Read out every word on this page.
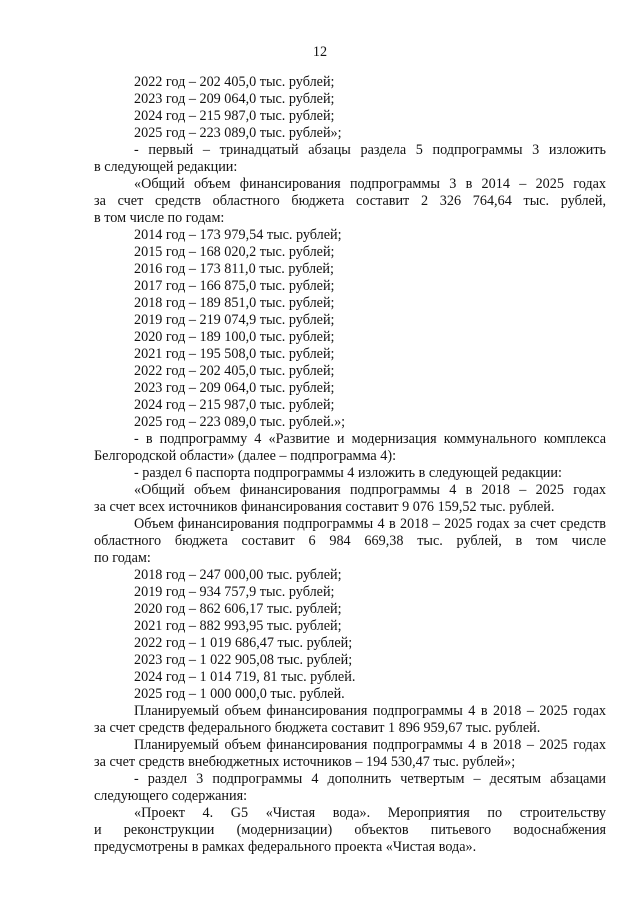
12
2022 год – 202 405,0 тыс. рублей;
2023 год – 209 064,0 тыс. рублей;
2024 год – 215 987,0 тыс. рублей;
2025 год – 223 089,0 тыс. рублей»;
- первый – тринадцатый абзацы раздела 5 подпрограммы 3 изложить
в следующей редакции:
«Общий объем финансирования подпрограммы 3 в 2014 – 2025 годах
за счет средств областного бюджета составит 2 326 764,64 тыс. рублей,
в том числе по годам:
2014 год – 173 979,54 тыс. рублей;
2015 год – 168 020,2 тыс. рублей;
2016 год – 173 811,0 тыс. рублей;
2017 год – 166 875,0 тыс. рублей;
2018 год – 189 851,0 тыс. рублей;
2019 год – 219 074,9 тыс. рублей;
2020 год – 189 100,0 тыс. рублей;
2021 год – 195 508,0 тыс. рублей;
2022 год – 202 405,0 тыс. рублей;
2023 год – 209 064,0 тыс. рублей;
2024 год – 215 987,0 тыс. рублей;
2025 год – 223 089,0 тыс. рублей.»;
- в подпрограмму 4 «Развитие и модернизация коммунального комплекса
Белгородской области» (далее – подпрограмма 4):
- раздел 6 паспорта подпрограммы 4 изложить в следующей редакции:
«Общий объем финансирования подпрограммы 4 в 2018 – 2025 годах
за счет всех источников финансирования составит 9 076 159,52 тыс. рублей.
Объем финансирования подпрограммы 4 в 2018 – 2025 годах за счет средств
областного бюджета составит 6 984 669,38 тыс. рублей, в том числе
по годам:
2018 год – 247 000,00 тыс. рублей;
2019 год – 934 757,9 тыс. рублей;
2020 год – 862 606,17 тыс. рублей;
2021 год – 882 993,95 тыс. рублей;
2022 год – 1 019 686,47 тыс. рублей;
2023 год – 1 022 905,08 тыс. рублей;
2024 год – 1 014 719, 81 тыс. рублей.
2025 год – 1 000 000,0 тыс. рублей.
Планируемый объем финансирования подпрограммы 4 в 2018 – 2025 годах
за счет средств федерального бюджета составит 1 896 959,67 тыс. рублей.
Планируемый объем финансирования подпрограммы 4 в 2018 – 2025 годах
за счет средств внебюджетных источников – 194 530,47 тыс. рублей»;
- раздел 3 подпрограммы 4 дополнить четвертым – десятым абзацами
следующего содержания:
«Проект 4. G5 «Чистая вода». Мероприятия по строительству
и реконструкции (модернизации) объектов питьевого водоснабжения
предусмотрены в рамках федерального проекта «Чистая вода».
